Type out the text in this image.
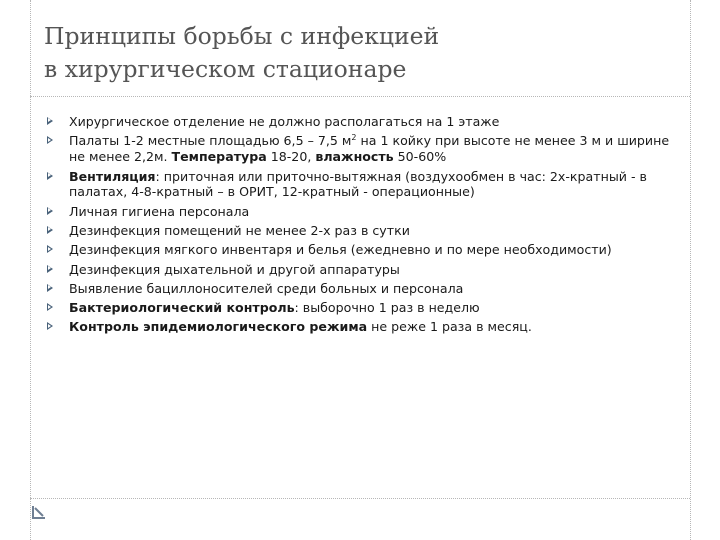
Принципы борьбы с инфекцией
в хирургическом стационаре
Хирургическое отделение не должно располагаться на 1 этаже
Палаты 1-2 местные площадью 6,5 – 7,5 $м^2$ на 1 койку при высоте не менее 3 м и ширине не менее 2,2м. Температура 18-20, влажность 50-60%
Вентиляция: приточная или приточно-вытяжная (воздухообмен в час: 2х-кратный - в палатах, 4-8-кратный – в ОРИТ, 12-кратный - операционные)
Личная гигиена персонала
Дезинфекция помещений не менее 2-х раз в сутки
Дезинфекция мягкого инвентаря и белья (ежедневно и по мере необходимости)
Дезинфекция дыхательной и другой аппаратуры
Выявление бациллоносителей среди больных и персонала
Бактериологический контроль: выборочно 1 раз в неделю
Контроль эпидемиологического режима не реже 1 раза в месяц.
